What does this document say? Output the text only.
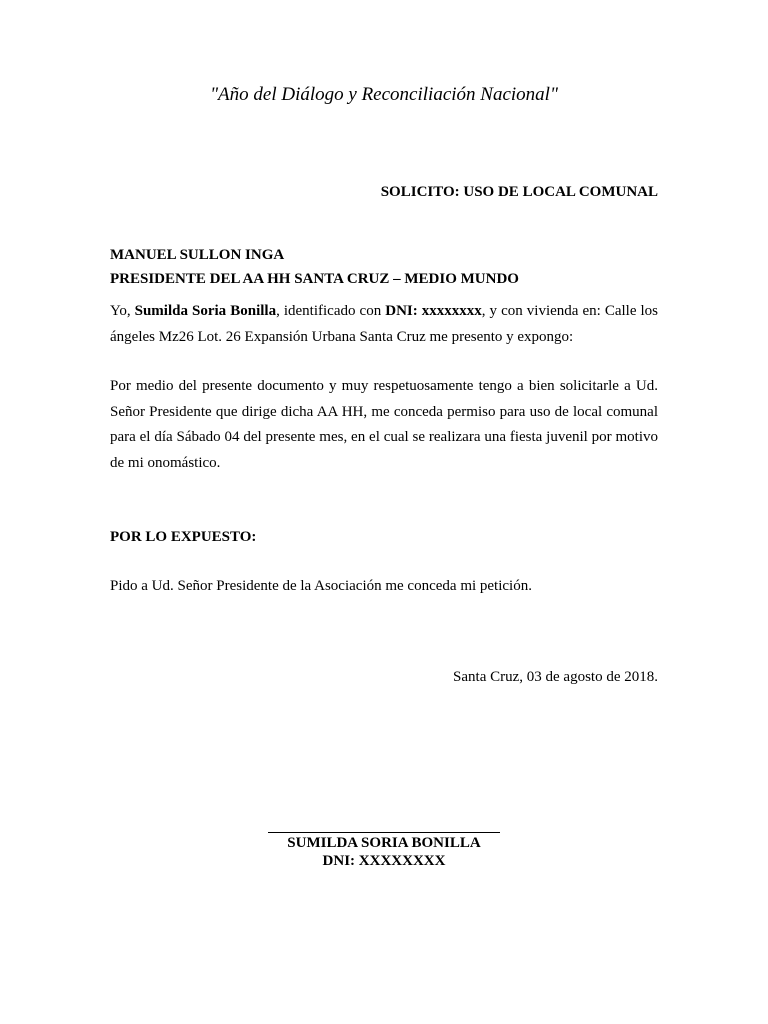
"Año del Diálogo y Reconciliación Nacional"
SOLICITO: USO DE LOCAL COMUNAL
MANUEL SULLON INGA
PRESIDENTE DEL AA HH SANTA CRUZ – MEDIO MUNDO
Yo, Sumilda Soria Bonilla, identificado con DNI: xxxxxxxx, y con vivienda en: Calle los ángeles Mz26 Lot. 26 Expansión Urbana Santa Cruz me presento y expongo:
Por medio del presente documento y muy respetuosamente tengo a bien solicitarle a Ud. Señor Presidente que dirige dicha AA HH, me conceda permiso para uso de local comunal para el día Sábado 04 del presente mes, en el cual se realizara una fiesta juvenil por motivo de mi onomástico.
POR LO EXPUESTO:
Pido a Ud. Señor Presidente de la Asociación me conceda mi petición.
Santa Cruz, 03 de agosto de 2018.
SUMILDA SORIA BONILLA
DNI: XXXXXXXX
